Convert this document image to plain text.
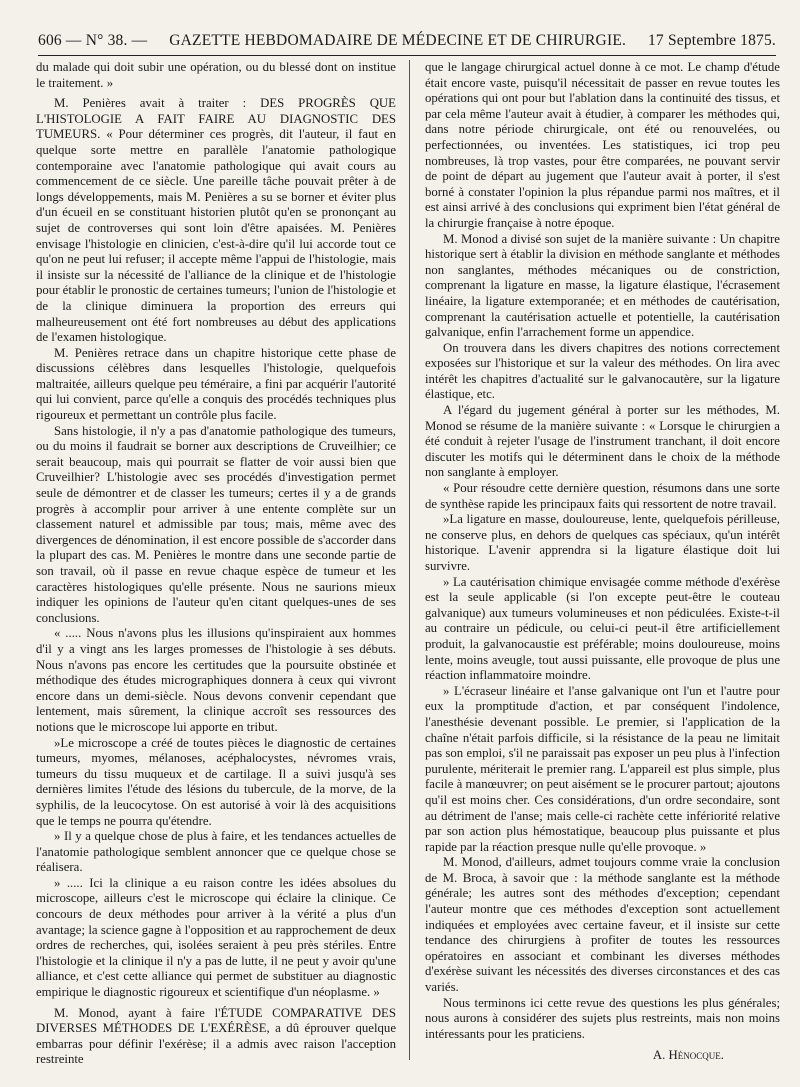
606 — N° 38. —	GAZETTE HEBDOMADAIRE DE MÉDECINE ET DE CHIRURGIE.	17 Septembre 1875.

du malade qui doit subir une opération, ou du blessé dont on institue le traitement. »

M. Penières avait à traiter : DES PROGRÈS QUE L'HISTOLOGIE A FAIT FAIRE AU DIAGNOSTIC DES TUMEURS. « Pour déterminer ces progrès, dit l'auteur, il faut en quelque sorte mettre en parallèle l'anatomie pathologique contemporaine avec l'anatomie pathologique qui avait cours au commencement de ce siècle. Une pareille tâche pouvait prêter à de longs développements, mais M. Penières a su se borner et éviter plus d'un écueil en se constituant historien plutôt qu'en se prononçant au sujet de controverses qui sont loin d'être apaisées. M. Penières envisage l'histologie en clinicien, c'est-à-dire qu'il lui accorde tout ce qu'on ne peut lui refuser; il accepte même l'appui de l'histologie, mais il insiste sur la nécessité de l'alliance de la clinique et de l'histologie pour établir le pronostic de certaines tumeurs; l'union de l'histologie et de la clinique diminuera la proportion des erreurs qui malheureusement ont été fort nombreuses au début des applications de l'examen histologique.

M. Penières retrace dans un chapitre historique cette phase de discussions célèbres dans lesquelles l'histologie, quelquefois maltraitée, ailleurs quelque peu téméraire, a fini par acquérir l'autorité qui lui convient, parce qu'elle a conquis des procédés techniques plus rigoureux et permettant un contrôle plus facile.

Sans histologie, il n'y a pas d'anatomie pathologique des tumeurs, ou du moins il faudrait se borner aux descriptions de Cruveilhier; ce serait beaucoup, mais qui pourrait se flatter de voir aussi bien que Cruveilhier? L'histologie avec ses procédés d'investigation permet seule de démontrer et de classer les tumeurs; certes il y a de grands progrès à accomplir pour arriver à une entente complète sur un classement naturel et admissible par tous; mais, même avec des divergences de dénomination, il est encore possible de s'accorder dans la plupart des cas. M. Penières le montre dans une seconde partie de son travail, où il passe en revue chaque espèce de tumeur et les caractères histologiques qu'elle présente. Nous ne saurions mieux indiquer les opinions de l'auteur qu'en citant quelques-unes de ses conclusions.

« ..... Nous n'avons plus les illusions qu'inspiraient aux hommes d'il y a vingt ans les larges promesses de l'histologie à ses débuts. Nous n'avons pas encore les certitudes que la poursuite obstinée et méthodique des études micrographiques donnera à ceux qui vivront encore dans un demi-siècle. Nous devons convenir cependant que lentement, mais sûrement, la clinique accroît ses ressources des notions que le microscope lui apporte en tribut.

»Le microscope a créé de toutes pièces le diagnostic de certaines tumeurs, myomes, mélanoses, acéphalocystes, névromes vrais, tumeurs du tissu muqueux et de cartilage. Il a suivi jusqu'à ses dernières limites l'étude des lésions du tubercule, de la morve, de la syphilis, de la leucocytose. On est autorisé à voir là des acquisitions que le temps ne pourra qu'étendre.

» Il y a quelque chose de plus à faire, et les tendances actuelles de l'anatomie pathologique semblent annoncer que ce quelque chose se réalisera.

» ..... Ici la clinique a eu raison contre les idées absolues du microscope, ailleurs c'est le microscope qui éclaire la clinique. Ce concours de deux méthodes pour arriver à la vérité a plus d'un avantage; la science gagne à l'opposition et au rapprochement de deux ordres de recherches, qui, isolées seraient à peu près stériles. Entre l'histologie et la clinique il n'y a pas de lutte, il ne peut y avoir qu'une alliance, et c'est cette alliance qui permet de substituer au diagnostic empirique le diagnostic rigoureux et scientifique d'un néoplasme. »

M. Monod, ayant à faire l'ÉTUDE COMPARATIVE DES DIVERSES MÉTHODES DE L'EXÉRÈSE, a dû éprouver quelque embarras pour définir l'exérèse; il a admis avec raison l'acception restreinte

que le langage chirurgical actuel donne à ce mot. Le champ d'étude était encore vaste, puisqu'il nécessitait de passer en revue toutes les opérations qui ont pour but l'ablation dans la continuité des tissus, et par cela même l'auteur avait à étudier, à comparer les méthodes qui, dans notre période chirurgicale, ont été ou renouvelées, ou perfectionnées, ou inventées. Les statistiques, ici trop peu nombreuses, là trop vastes, pour être comparées, ne pouvant servir de point de départ au jugement que l'auteur avait à porter, il s'est borné à constater l'opinion la plus répandue parmi nos maîtres, et il est ainsi arrivé à des conclusions qui expriment bien l'état général de la chirurgie française à notre époque.

M. Monod a divisé son sujet de la manière suivante : Un chapitre historique sert à établir la division en méthode sanglante et méthodes non sanglantes, méthodes mécaniques ou de constriction, comprenant la ligature en masse, la ligature élastique, l'écrasement linéaire, la ligature extemporanée; et en méthodes de cautérisation, comprenant la cautérisation actuelle et potentielle, la cautérisation galvanique, enfin l'arrachement forme un appendice.

On trouvera dans les divers chapitres des notions correctement exposées sur l'historique et sur la valeur des méthodes. On lira avec intérêt les chapitres d'actualité sur le galvanocautère, sur la ligature élastique, etc.

A l'égard du jugement général à porter sur les méthodes, M. Monod se résume de la manière suivante : « Lorsque le chirurgien a été conduit à rejeter l'usage de l'instrument tranchant, il doit encore discuter les motifs qui le déterminent dans le choix de la méthode non sanglante à employer.

« Pour résoudre cette dernière question, résumons dans une sorte de synthèse rapide les principaux faits qui ressortent de notre travail.

»La ligature en masse, douloureuse, lente, quelquefois périlleuse, ne conserve plus, en dehors de quelques cas spéciaux, qu'un intérêt historique. L'avenir apprendra si la ligature élastique doit lui survivre.

» La cautérisation chimique envisagée comme méthode d'exérèse est la seule applicable (si l'on excepte peut-être le couteau galvanique) aux tumeurs volumineuses et non pédiculées. Existe-t-il au contraire un pédicule, ou celui-ci peut-il être artificiellement produit, la galvanocaustie est préférable; moins douloureuse, moins lente, moins aveugle, tout aussi puissante, elle provoque de plus une réaction inflammatoire moindre.

» L'écraseur linéaire et l'anse galvanique ont l'un et l'autre pour eux la promptitude d'action, et par conséquent l'indolence, l'anesthésie devenant possible. Le premier, si l'application de la chaîne n'était parfois difficile, si la résistance de la peau ne limitait pas son emploi, s'il ne paraissait pas exposer un peu plus à l'infection purulente, mériterait le premier rang. L'appareil est plus simple, plus facile à manœuvrer; on peut aisément se le procurer partout; ajoutons qu'il est moins cher. Ces considérations, d'un ordre secondaire, sont au détriment de l'anse; mais celle-ci rachète cette infériorité relative par son action plus hémostatique, beaucoup plus puissante et plus rapide par la réaction presque nulle qu'elle provoque. »

M. Monod, d'ailleurs, admet toujours comme vraie la conclusion de M. Broca, à savoir que : la méthode sanglante est la méthode générale; les autres sont des méthodes d'exception; cependant l'auteur montre que ces méthodes d'exception sont actuellement indiquées et employées avec certaine faveur, et il insiste sur cette tendance des chirurgiens à profiter de toutes les ressources opératoires en associant et combinant les diverses méthodes d'exérèse suivant les nécessités des diverses circonstances et des cas variés.

Nous terminons ici cette revue des questions les plus générales; nous aurons à considérer des sujets plus restreints, mais non moins intéressants pour les praticiens.

A. Hénocque.
